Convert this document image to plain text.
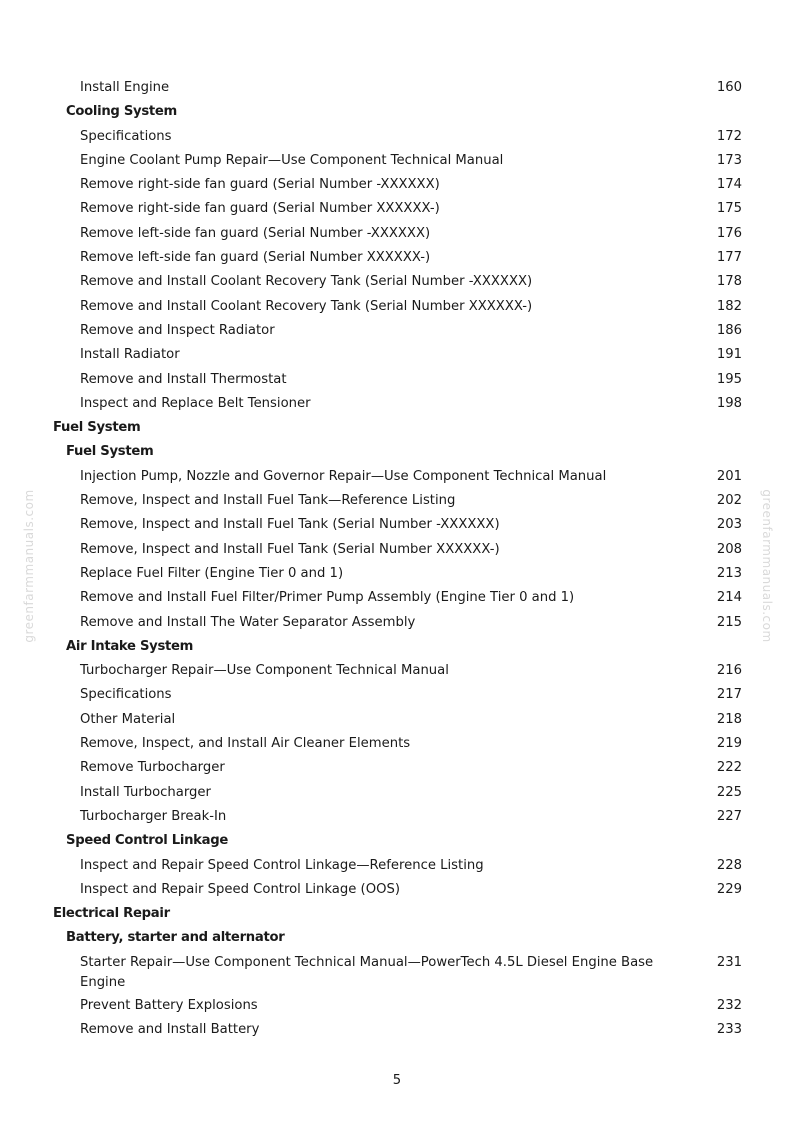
greenfarmmanuals.com	greenfarmmanuals.com
Install Engine	160
Cooling System
Specifications	172
Engine Coolant Pump Repair—Use Component Technical Manual	173
Remove right-side fan guard (Serial Number -XXXXXX)	174
Remove right-side fan guard (Serial Number XXXXXX-)	175
Remove left-side fan guard (Serial Number -XXXXXX)	176
Remove left-side fan guard (Serial Number XXXXXX-)	177
Remove and Install Coolant Recovery Tank (Serial Number -XXXXXX)	178
Remove and Install Coolant Recovery Tank (Serial Number XXXXXX-)	182
Remove and Inspect Radiator	186
Install Radiator	191
Remove and Install Thermostat	195
Inspect and Replace Belt Tensioner	198
Fuel System
Fuel System
Injection Pump, Nozzle and Governor Repair—Use Component Technical Manual	201
Remove, Inspect and Install Fuel Tank—Reference Listing	202
Remove, Inspect and Install Fuel Tank (Serial Number -XXXXXX)	203
Remove, Inspect and Install Fuel Tank (Serial Number XXXXXX-)	208
Replace Fuel Filter (Engine Tier 0 and 1)	213
Remove and Install Fuel Filter/Primer Pump Assembly (Engine Tier 0 and 1)	214
Remove and Install The Water Separator Assembly	215
Air Intake System
Turbocharger Repair—Use Component Technical Manual	216
Specifications	217
Other Material	218
Remove, Inspect, and Install Air Cleaner Elements	219
Remove Turbocharger	222
Install Turbocharger	225
Turbocharger Break-In	227
Speed Control Linkage
Inspect and Repair Speed Control Linkage—Reference Listing	228
Inspect and Repair Speed Control Linkage (OOS)	229
Electrical Repair
Battery, starter and alternator
Starter Repair—Use Component Technical Manual—PowerTech 4.5L Diesel Engine Base Engine
231
Prevent Battery Explosions	232
Remove and Install Battery	233
5
